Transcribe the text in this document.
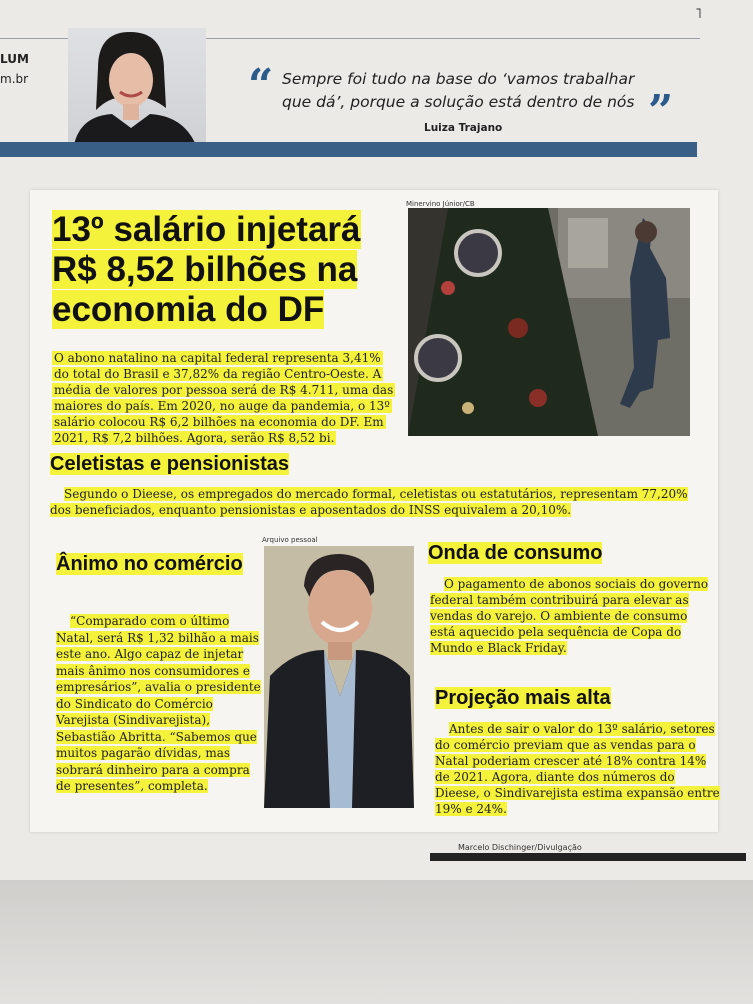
˥
LUM
m.br	“ Sempre foi tudo na base do ‘vamos trabalhar
que dá’, porque a solução está dentro de nós ”
Luiza Trajano
13º salário injetará R$ 8,52 bilhões na economia do DF
Minervino Júnior/CB

O abono natalino na capital federal representa 3,41% do total do Brasil e 37,82% da região Centro-Oeste. A média de valores por pessoa será de R$ 4.711, uma das maiores do país. Em 2020, no auge da pandemia, o 13º salário colocou R$ 6,2 bilhões na economia do DF. Em 2021, R$ 7,2 bilhões. Agora, serão R$ 8,52 bi.

Celetistas e pensionistas

Segundo o Dieese, os empregados do mercado formal, celetistas ou estatutários, representam 77,20% dos beneficiados, enquanto pensionistas e aposentados do INSS equivalem a 20,10%.

Ânimo no comércio

“Comparado com o último Natal, será R$ 1,32 bilhão a mais este ano. Algo capaz de injetar mais ânimo nos consumidores e empresários”, avalia o presidente do Sindicato do Comércio Varejista (Sindivarejista), Sebastião Abritta. “Sabemos que muitos pagarão dívidas, mas sobrará dinheiro para a compra de presentes”, completa.

Arquivo pessoal
Onda de consumo

O pagamento de abonos sociais do governo federal também contribuirá para elevar as vendas do varejo. O ambiente de consumo está aquecido pela sequência de Copa do Mundo e Black Friday.

Projeção mais alta

Antes de sair o valor do 13º salário, setores do comércio previam que as vendas para o Natal poderiam crescer até 18% contra 14% de 2021. Agora, diante dos números do Dieese, o Sindivarejista estima expansão entre 19% e 24%.

Marcelo Dischinger/Divulgação
